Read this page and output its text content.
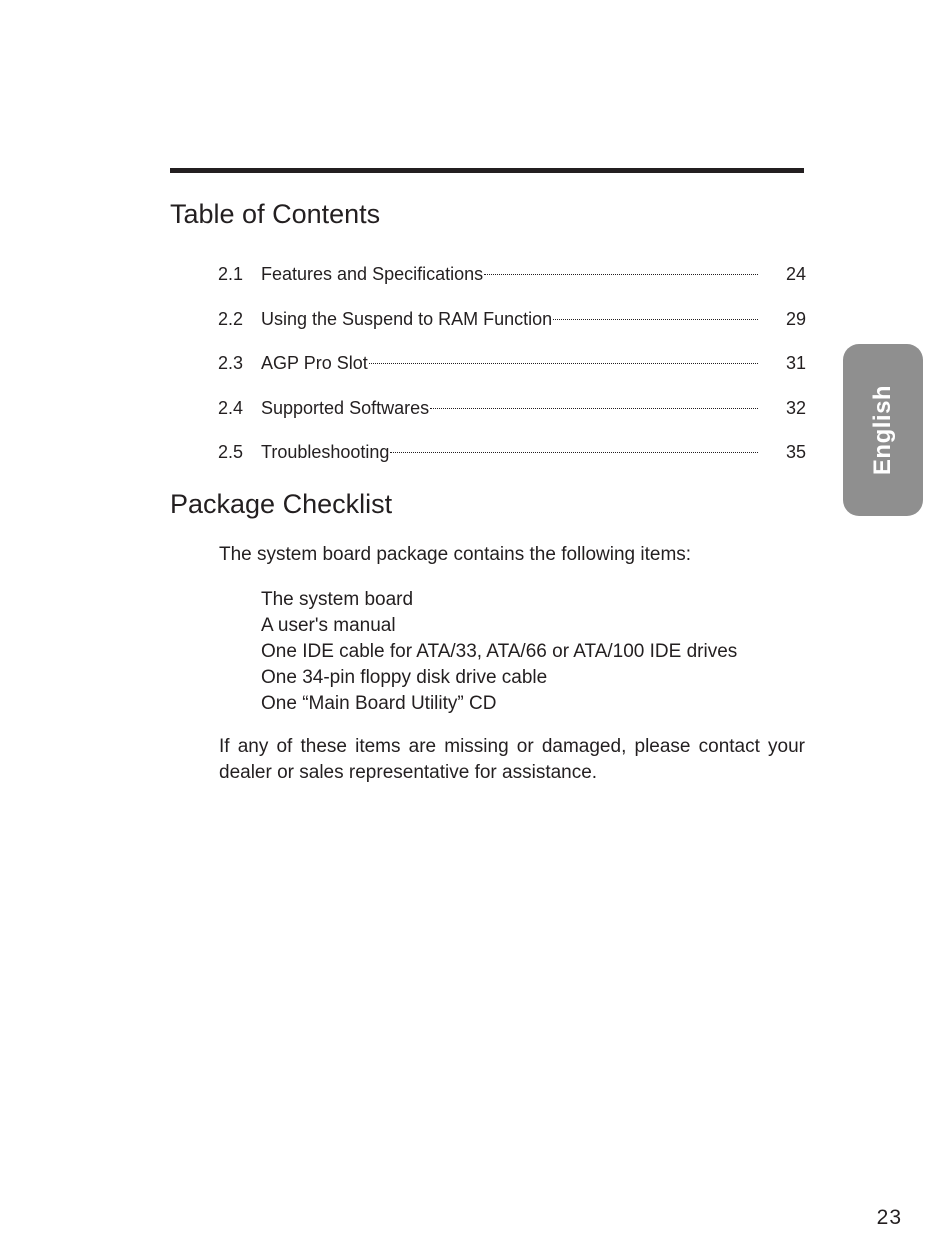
Table of Contents
2.1 Features and Specifications	24
2.2 Using the Suspend to RAM Function	29
2.3 AGP Pro Slot	31
2.4 Supported Softwares	32
2.5 Troubleshooting	35
Package Checklist

The system board package contains the following items:

The system board
A user's manual
One IDE cable for ATA/33, ATA/66 or ATA/100 IDE drives
One 34-pin floppy disk drive cable
One “Main Board Utility” CD

If any of these items are missing or damaged, please contact your dealer or sales representative for assistance.

English
23
